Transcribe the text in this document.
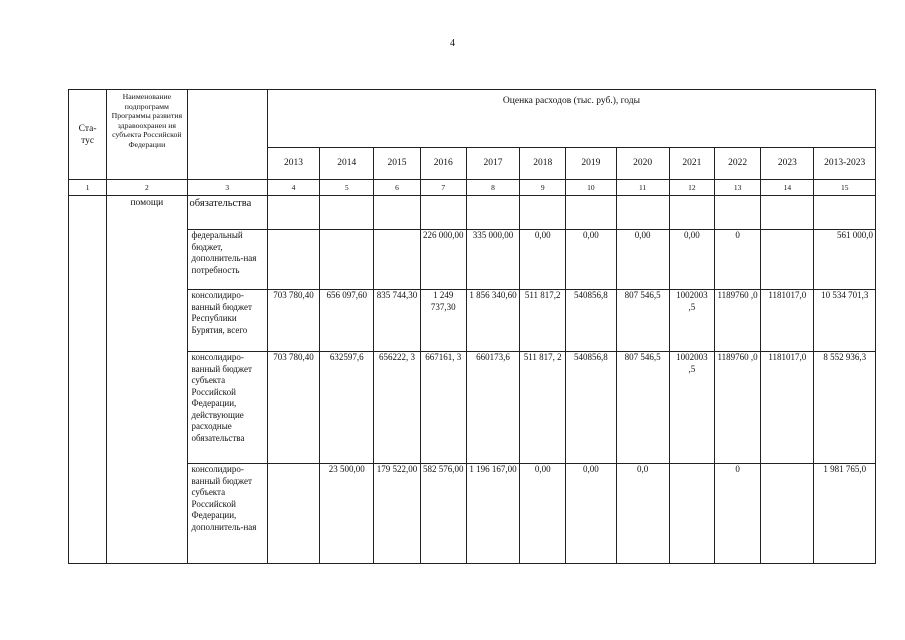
4
Ста-
тус	Наименование подпрограмм Программы развития здравоохранен ия субъекта Российской Федерации		Оценка расходов (тыс. руб.), годы											
			2013	2014	2015	2016	2017	2018	2019	2020	2021	2022	2023	2013-2023
1	2	3	4	5	6	7	8	9	10	11	12	13	14	15
	помощи	обязательства												
		федеральный бюджет, дополнитель-ная потребность				226 000,00	335 000,00	0,00	0,00	0,00	0,00	0		561 000,0
		консолидиро-ванный бюджет Республики Бурятия, всего	703 780,40	656 097,60	835 744,30	1 249 737,30	1 856 340,60	511 817,2	540856,8	807 546,5	1002003 ,5	1189760 ,0	1181017,0	10 534 701,3
		консолидиро-ванный бюджет субъекта Российской Федерации, действующие расходные обязательства	703 780,40	632597,6	656222, 3	667161, 3	660173,6	511 817, 2	540856,8	807 546,5	1002003 ,5	1189760 ,0	1181017,0	8 552 936,3
		консолидиро-ванный бюджет субъекта Российской Федерации, дополнитель-ная		23 500,00	179 522,00	582 576,00	1 196 167,00	0,00	0,00	0,0		0		1 981 765,0
